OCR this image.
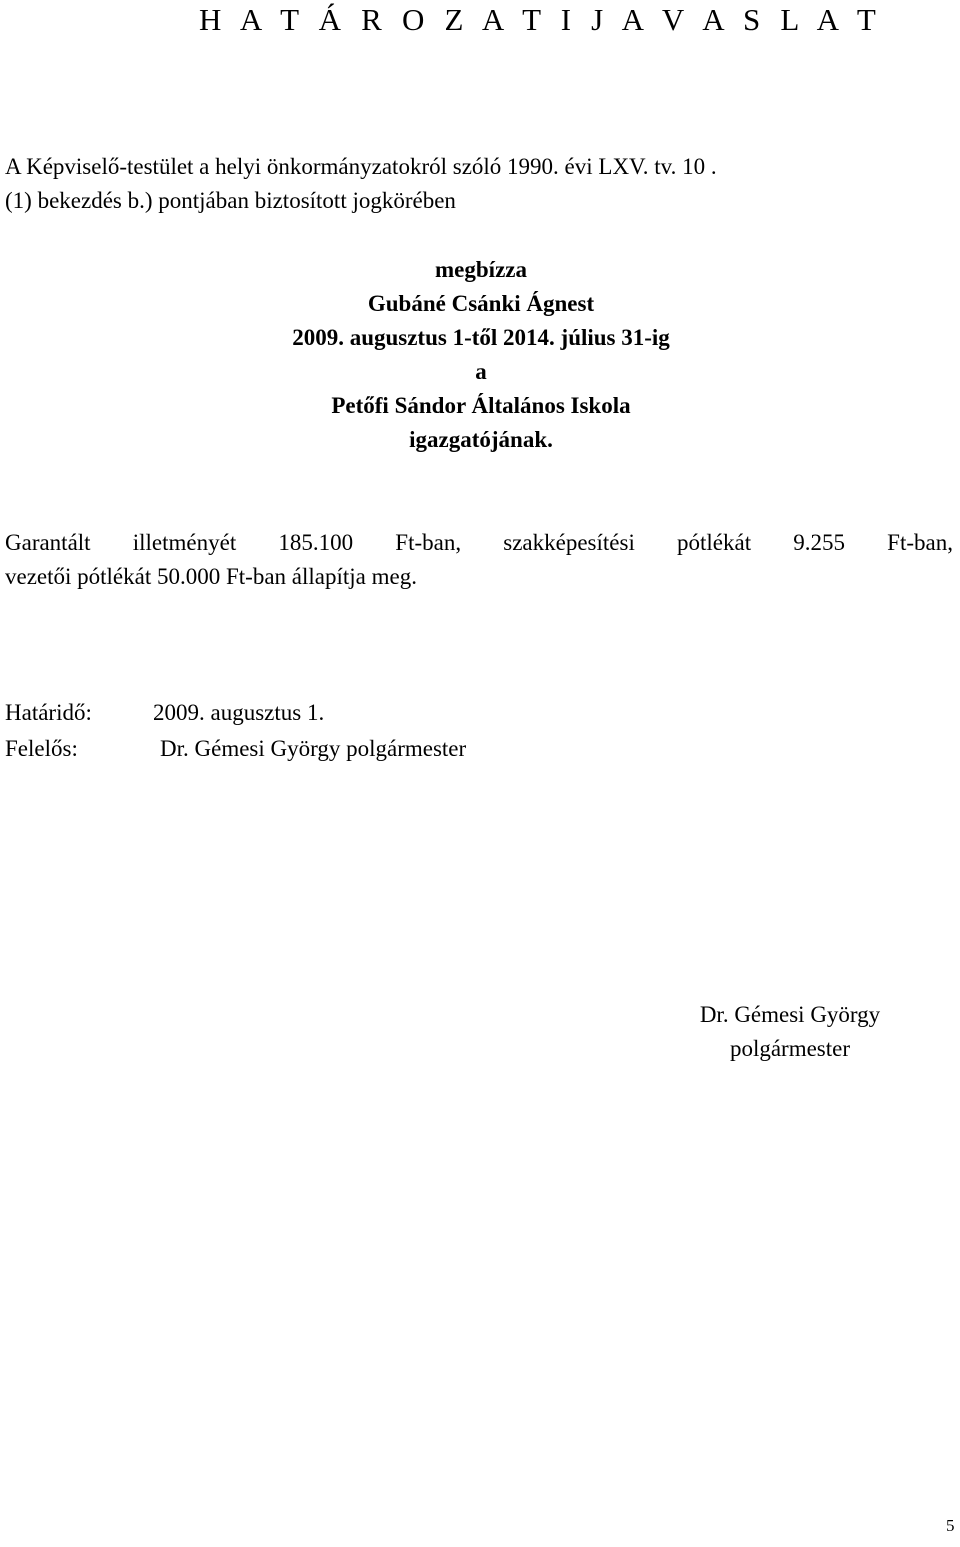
H A T Á R O Z A T I J A V A S L A T
A Képviselő-testület a helyi önkormányzatokról szóló 1990. évi LXV. tv. 10 .
(1) bekezdés b.) pontjában biztosított jogkörében
megbízza
Gubáné Csánki Ágnest
2009. augusztus 1-től 2014. július 31-ig
a
Petőfi Sándor Általános Iskola
igazgatójának.
Garantált illetményét 185.100 Ft-ban, szakképesítési pótlékát 9.255 Ft-ban,
vezetői pótlékát 50.000 Ft-ban állapítja meg.
Határidő:	2009. augusztus 1.
Felelős:	Dr. Gémesi György polgármester
Dr. Gémesi György
polgármester
5
